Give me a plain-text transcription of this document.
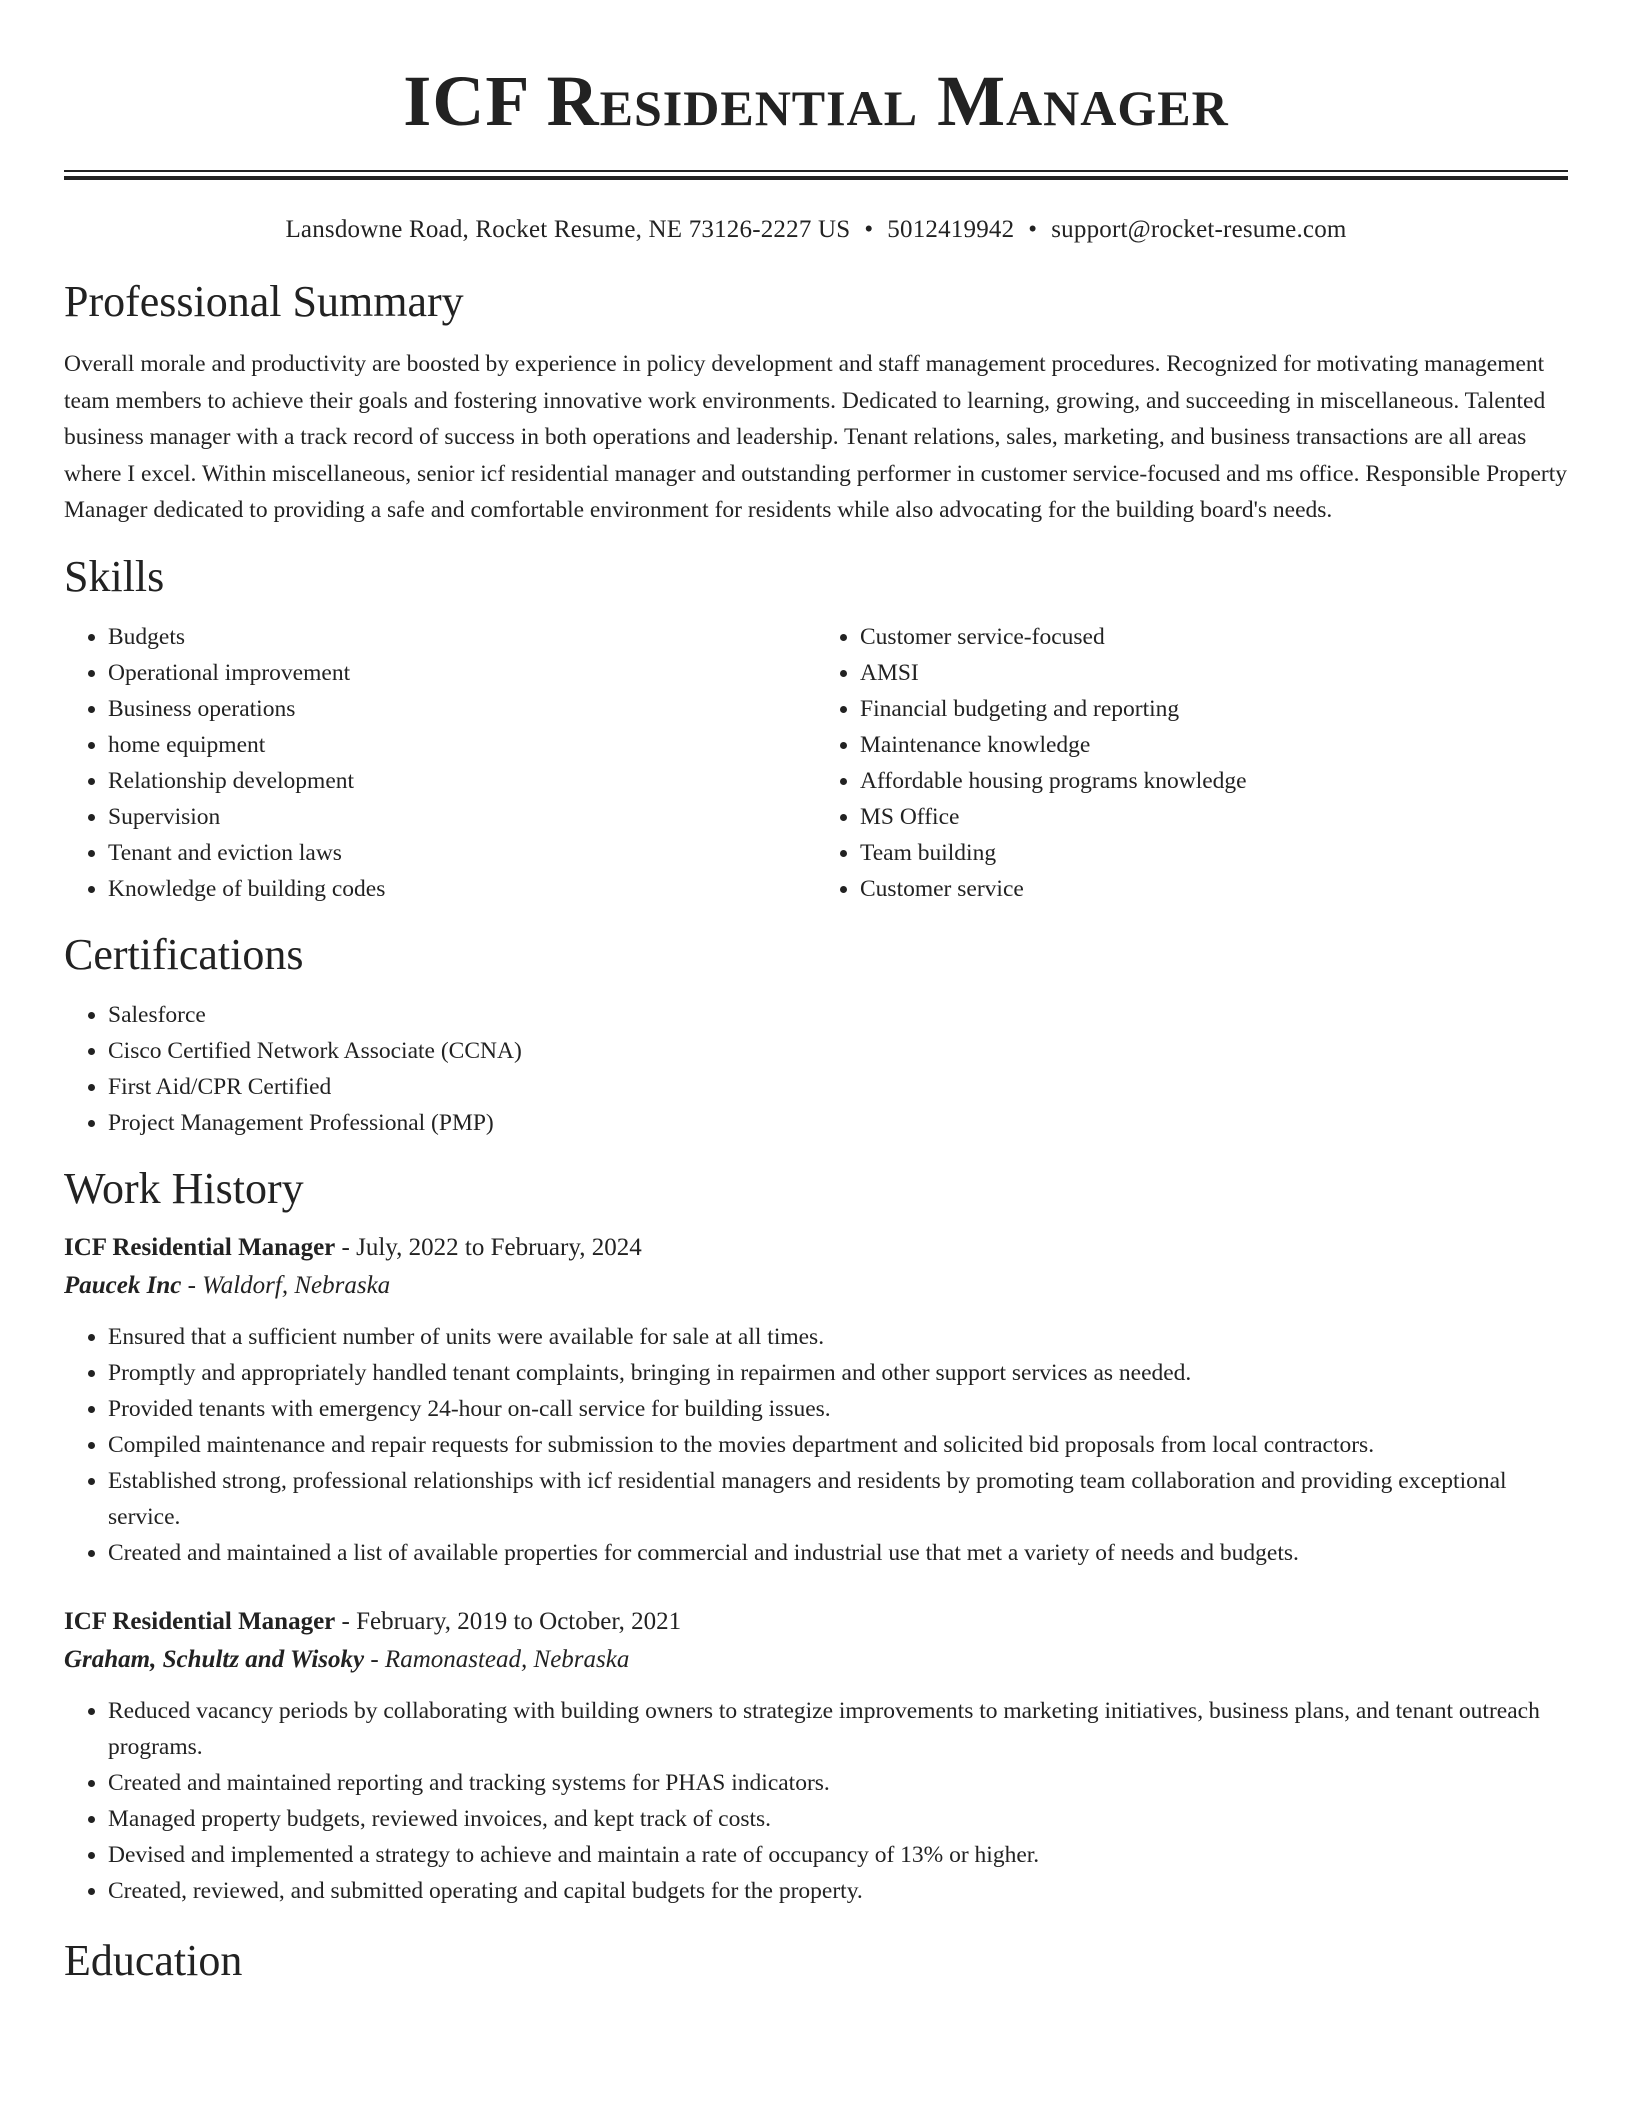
ICF Residential Manager
Lansdowne Road, Rocket Resume, NE 73126-2227 US • 5012419942 • support@rocket-resume.com
Professional Summary

Overall morale and productivity are boosted by experience in policy development and staff management procedures. Recognized for motivating management team members to achieve their goals and fostering innovative work environments. Dedicated to learning, growing, and succeeding in miscellaneous. Talented business manager with a track record of success in both operations and leadership. Tenant relations, sales, marketing, and business transactions are all areas where I excel. Within miscellaneous, senior icf residential manager and outstanding performer in customer service-focused and ms office. Responsible Property Manager dedicated to providing a safe and comfortable environment for residents while also advocating for the building board's needs.

Skills
• Budgets
• Operational improvement
• Business operations
• home equipment
• Relationship development
• Supervision
• Tenant and eviction laws
• Knowledge of building codes
• Customer service-focused
• AMSI
• Financial budgeting and reporting
• Maintenance knowledge
• Affordable housing programs knowledge
• MS Office
• Team building
• Customer service
Certifications
• Salesforce
• Cisco Certified Network Associate (CCNA)
• First Aid/CPR Certified
• Project Management Professional (PMP)
Work History
ICF Residential Manager - July, 2022 to February, 2024
Paucek Inc - Waldorf, Nebraska
• Ensured that a sufficient number of units were available for sale at all times.
• Promptly and appropriately handled tenant complaints, bringing in repairmen and other support services as needed.
• Provided tenants with emergency 24-hour on-call service for building issues.
• Compiled maintenance and repair requests for submission to the movies department and solicited bid proposals from local contractors.
• Established strong, professional relationships with icf residential managers and residents by promoting team collaboration and providing exceptional service.
• Created and maintained a list of available properties for commercial and industrial use that met a variety of needs and budgets.
ICF Residential Manager - February, 2019 to October, 2021
Graham, Schultz and Wisoky - Ramonastead, Nebraska
• Reduced vacancy periods by collaborating with building owners to strategize improvements to marketing initiatives, business plans, and tenant outreach programs.
• Created and maintained reporting and tracking systems for PHAS indicators.
• Managed property budgets, reviewed invoices, and kept track of costs.
• Devised and implemented a strategy to achieve and maintain a rate of occupancy of 13% or higher.
• Created, reviewed, and submitted operating and capital budgets for the property.
Education
